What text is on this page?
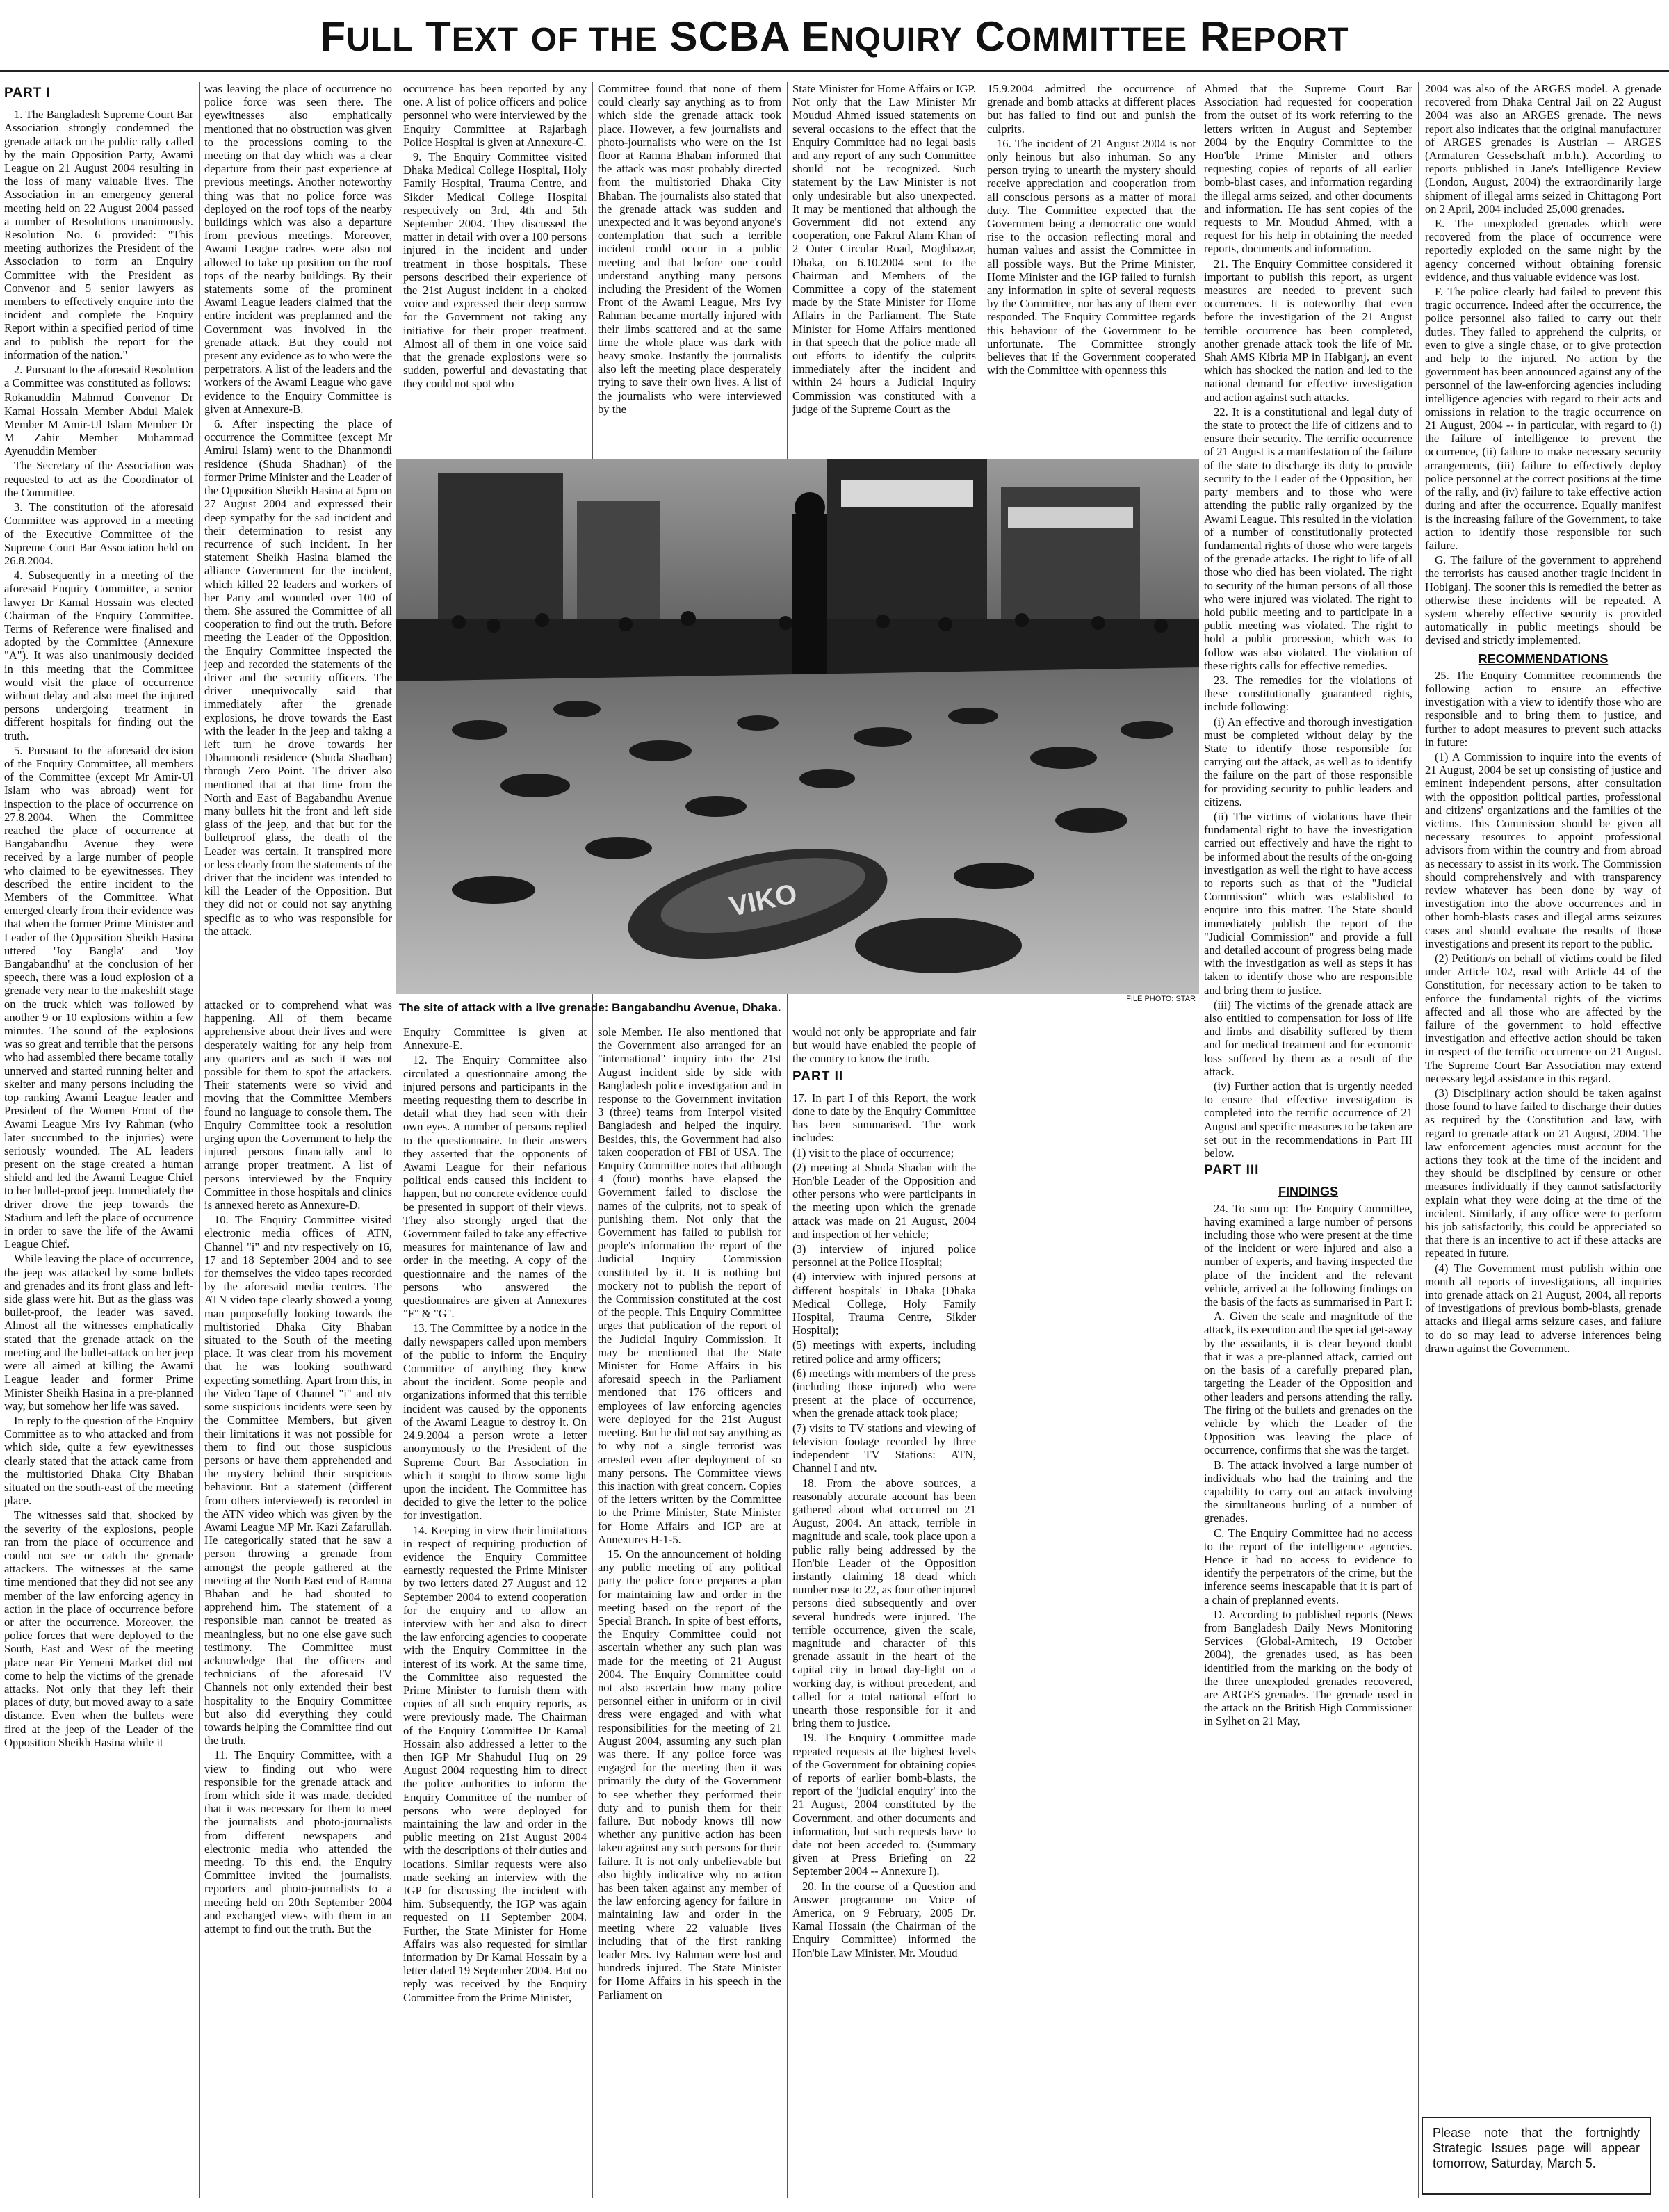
FULL TEXT OF THE SCBA ENQUIRY COMMITTEE REPORT

PART I

1. The Bangladesh Supreme Court Bar Association strongly condemned the grenade attack on the public rally called by the main Opposition Party, Awami League on 21 August 2004 resulting in the loss of many valuable lives. The Association in an emergency general meeting held on 22 August 2004 passed a number of Resolutions unanimously. Resolution No. 6 provided: "This meeting authorizes the President of the Association to form an Enquiry Committee with the President as Convenor and 5 senior lawyers as members to effectively enquire into the incident and complete the Enquiry Report within a specified period of time and to publish the report for the information of the nation."

2. Pursuant to the aforesaid Resolution a Committee was constituted as follows:

Rokanuddin Mahmud Convenor Dr Kamal Hossain Member Abdul Malek Member M Amir-Ul Islam Member Dr M Zahir Member Muhammad Ayenuddin Member

The Secretary of the Association was requested to act as the Coordinator of the Committee.

3. The constitution of the aforesaid Committee was approved in a meeting of the Executive Committee of the Supreme Court Bar Association held on 26.8.2004.

4. Subsequently in a meeting of the aforesaid Enquiry Committee, a senior lawyer Dr Kamal Hossain was elected Chairman of the Enquiry Committee. Terms of Reference were finalised and adopted by the Committee (Annexure "A"). It was also unanimously decided in this meeting that the Committee would visit the place of occurrence without delay and also meet the injured persons undergoing treatment in different hospitals for finding out the truth.

5. Pursuant to the aforesaid decision of the Enquiry Committee, all members of the Committee (except Mr Amir-Ul Islam who was abroad) went for inspection to the place of occurrence on 27.8.2004. When the Committee reached the place of occurrence at Bangabandhu Avenue they were received by a large number of people who claimed to be eyewitnesses. They described the entire incident to the Members of the Committee. What emerged clearly from their evidence was that when the former Prime Minister and Leader of the Opposition Sheikh Hasina uttered 'Joy Bangla' and 'Joy Bangabandhu' at the conclusion of her speech, there was a loud explosion of a grenade very near to the makeshift stage on the truck which was followed by another 9 or 10 explosions within a few minutes. The sound of the explosions was so great and terrible that the persons who had assembled there became totally unnerved and started running helter and skelter and many persons including the top ranking Awami League leader and President of the Women Front of the Awami League Mrs Ivy Rahman (who later succumbed to the injuries) were seriously wounded. The AL leaders present on the stage created a human shield and led the Awami League Chief to her bullet-proof jeep. Immediately the driver drove the jeep towards the Stadium and left the place of occurrence in order to save the life of the Awami League Chief.

While leaving the place of occurrence, the jeep was attacked by some bullets and grenades and its front glass and left-side glass were hit. But as the glass was bullet-proof, the leader was saved. Almost all the witnesses emphatically stated that the grenade attack on the meeting and the bullet-attack on her jeep were all aimed at killing the Awami League leader and former Prime Minister Sheikh Hasina in a pre-planned way, but somehow her life was saved.

In reply to the question of the Enquiry Committee as to who attacked and from which side, quite a few eyewitnesses clearly stated that the attack came from the multistoried Dhaka City Bhaban situated on the south-east of the meeting place.

The witnesses said that, shocked by the severity of the explosions, people ran from the place of occurrence and could not see or catch the grenade attackers. The witnesses at the same time mentioned that they did not see any member of the law enforcing agency in action in the place of occurrence before or after the occurrence. Moreover, the police forces that were deployed to the South, East and West of the meeting place near Pir Yemeni Market did not come to help the victims of the grenade attacks. Not only that they left their places of duty, but moved away to a safe distance. Even when the bullets were fired at the jeep of the Leader of the Opposition Sheikh Hasina while it

was leaving the place of occurrence no police force was seen there. The eyewitnesses also emphatically mentioned that no obstruction was given to the processions coming to the meeting on that day which was a clear departure from their past experience at previous meetings. Another noteworthy thing was that no police force was deployed on the roof tops of the nearby buildings which was also a departure from previous meetings. Moreover, Awami League cadres were also not allowed to take up position on the roof tops of the nearby buildings. By their statements some of the prominent Awami League leaders claimed that the entire incident was preplanned and the Government was involved in the grenade attack. But they could not present any evidence as to who were the perpetrators. A list of the leaders and the workers of the Awami League who gave evidence to the Enquiry Committee is given at Annexure-B.

6. After inspecting the place of occurrence the Committee (except Mr Amirul Islam) went to the Dhanmondi residence (Shuda Shadhan) of the former Prime Minister and the Leader of the Opposition Sheikh Hasina at 5pm on 27 August 2004 and expressed their deep sympathy for the sad incident and their determination to resist any recurrence of such incident. In her statement Sheikh Hasina blamed the alliance Government for the incident, which killed 22 leaders and workers of her Party and wounded over 100 of them. She assured the Committee of all cooperation to find out the truth. Before meeting the Leader of the Opposition, the Enquiry Committee inspected the jeep and recorded the statements of the driver and the security officers. The driver unequivocally said that immediately after the grenade explosions, he drove towards the East with the leader in the jeep and taking a left turn he drove towards her Dhanmondi residence (Shuda Shadhan) through Zero Point. The driver also mentioned that at that time from the North and East of Bagabandhu Avenue many bullets hit the front and left side glass of the jeep, and that but for the bulletproof glass, the death of the Leader was certain. It transpired more or less clearly from the statements of the driver that the incident was intended to kill the Leader of the Opposition. But they did not or could not say anything specific as to who was responsible for the attack.

attacked or to comprehend what was happening. All of them became apprehensive about their lives and were desperately waiting for any help from any quarters and as such it was not possible for them to spot the attackers. Their statements were so vivid and moving that the Committee Members found no language to console them. The Enquiry Committee took a resolution urging upon the Government to help the injured persons financially and to arrange proper treatment. A list of persons interviewed by the Enquiry Committee in those hospitals and clinics is annexed hereto as Annexure-D.

10. The Enquiry Committee visited electronic media offices of ATN, Channel "i" and ntv respectively on 16, 17 and 18 September 2004 and to see for themselves the video tapes recorded by the aforesaid media centres. The ATN video tape clearly showed a young man purposefully looking towards the multistoried Dhaka City Bhaban situated to the South of the meeting place. It was clear from his movement that he was looking southward expecting something. Apart from this, in the Video Tape of Channel "i" and ntv some suspicious incidents were seen by the Committee Members, but given their limitations it was not possible for them to find out those suspicious persons or have them apprehended and the mystery behind their suspicious behaviour. But a statement (different from others interviewed) is recorded in the ATN video which was given by the Awami League MP Mr. Kazi Zafarullah. He categorically stated that he saw a person throwing a grenade from amongst the people gathered at the meeting at the North East end of Ramna Bhaban and he had shouted to apprehend him. The statement of a responsible man cannot be treated as meaningless, but no one else gave such testimony. The Committee must acknowledge that the officers and technicians of the aforesaid TV Channels not only extended their best hospitality to the Enquiry Committee but also did everything they could towards helping the Committee find out the truth.

11. The Enquiry Committee, with a view to finding out who were responsible for the grenade attack and from which side it was made, decided that it was necessary for them to meet the journalists and photo-journalists from different newspapers and electronic media who attended the meeting. To this end, the Enquiry Committee invited the journalists, reporters and photo-journalists to a meeting held on 20th September 2004 and exchanged views with them in an attempt to find out the truth. But the

occurrence has been reported by any one. A list of police officers and police personnel who were interviewed by the Enquiry Committee at Rajarbagh Police Hospital is given at Annexure-C.

9. The Enquiry Committee visited Dhaka Medical College Hospital, Holy Family Hospital, Trauma Centre, and Sikder Medical College Hospital respectively on 3rd, 4th and 5th September 2004. They discussed the matter in detail with over a 100 persons injured in the incident and under treatment in those hospitals. These persons described their experience of the 21st August incident in a choked voice and expressed their deep sorrow for the Government not taking any initiative for their proper treatment. Almost all of them in one voice said that the grenade explosions were so sudden, powerful and devastating that they could not spot who

Enquiry Committee is given at Annexure-E.

12. The Enquiry Committee also circulated a questionnaire among the injured persons and participants in the meeting requesting them to describe in detail what they had seen with their own eyes. A number of persons replied to the questionnaire. In their answers they asserted that the opponents of Awami League for their nefarious political ends caused this incident to happen, but no concrete evidence could be presented in support of their views. They also strongly urged that the Government failed to take any effective measures for maintenance of law and order in the meeting. A copy of the questionnaire and the names of the persons who answered the questionnaires are given at Annexures "F" & "G".

13. The Committee by a notice in the daily newspapers called upon members of the public to inform the Enquiry Committee of anything they knew about the incident. Some people and organizations informed that this terrible incident was caused by the opponents of the Awami League to destroy it. On 24.9.2004 a person wrote a letter anonymously to the President of the Supreme Court Bar Association in which it sought to throw some light upon the incident. The Committee has decided to give the letter to the police for investigation.

14. Keeping in view their limitations in respect of requiring production of evidence the Enquiry Committee earnestly requested the Prime Minister by two letters dated 27 August and 12 September 2004 to extend cooperation for the enquiry and to allow an interview with her and also to direct the law enforcing agencies to cooperate with the Enquiry Committee in the interest of its work. At the same time, the Committee also requested the Prime Minister to furnish them with copies of all such enquiry reports, as were previously made. The Chairman of the Enquiry Committee Dr Kamal Hossain also addressed a letter to the then IGP Mr Shahudul Huq on 29 August 2004 requesting him to direct the police authorities to inform the Enquiry Committee of the number of persons who were deployed for maintaining the law and order in the public meeting on 21st August 2004 with the descriptions of their duties and locations. Similar requests were also made seeking an interview with the IGP for discussing the incident with him. Subsequently, the IGP was again requested on 11 September 2004. Further, the State Minister for Home Affairs was also requested for similar information by Dr Kamal Hossain by a letter dated 19 September 2004. But no reply was received by the Enquiry Committee from the Prime Minister,

Committee found that none of them could clearly say anything as to from which side the grenade attack took place. However, a few journalists and photo-journalists who were on the 1st floor at Ramna Bhaban informed that the attack was most probably directed from the multistoried Dhaka City Bhaban. The journalists also stated that the grenade attack was sudden and unexpected and it was beyond anyone's contemplation that such a terrible incident could occur in a public meeting and that before one could understand anything many persons including the President of the Women Front of the Awami League, Mrs Ivy Rahman became mortally injured with their limbs scattered and at the same time the whole place was dark with heavy smoke. Instantly the journalists also left the meeting place desperately trying to save their own lives. A list of the journalists who were interviewed by the

sole Member. He also mentioned that the Government also arranged for an "international" inquiry into the 21st August incident side by side with Bangladesh police investigation and in response to the Government invitation 3 (three) teams from Interpol visited Bangladesh and helped the inquiry. Besides, this, the Government had also taken cooperation of FBI of USA. The Enquiry Committee notes that although 4 (four) months have elapsed the Government failed to disclose the names of the culprits, not to speak of punishing them. Not only that the Government has failed to publish for people's information the report of the Judicial Inquiry Commission constituted by it. It is nothing but mockery not to publish the report of the Commission constituted at the cost of the people. This Enquiry Committee urges that publication of the report of the Judicial Inquiry Commission. It may be mentioned that the State Minister for Home Affairs in his aforesaid speech in the Parliament mentioned that 176 officers and employees of law enforcing agencies were deployed for the 21st August meeting. But he did not say anything as to why not a single terrorist was arrested even after deployment of so many persons. The Committee views this inaction with great concern. Copies of the letters written by the Committee to the Prime Minister, State Minister for Home Affairs and IGP are at Annexures H-1-5.

15. On the announcement of holding any public meeting of any political party the police force prepares a plan for maintaining law and order in the meeting based on the report of the Special Branch. In spite of best efforts, the Enquiry Committee could not ascertain whether any such plan was made for the meeting of 21 August 2004. The Enquiry Committee could not also ascertain how many police personnel either in uniform or in civil dress were engaged and with what responsibilities for the meeting of 21 August 2004, assuming any such plan was there. If any police force was engaged for the meeting then it was primarily the duty of the Government to see whether they performed their duty and to punish them for their failure. But nobody knows till now whether any punitive action has been taken against any such persons for their failure. It is not only unbelievable but also highly indicative why no action has been taken against any member of the law enforcing agency for failure in maintaining law and order in the meeting where 22 valuable lives including that of the first ranking leader Mrs. Ivy Rahman were lost and hundreds injured. The State Minister for Home Affairs in his speech in the Parliament on

State Minister for Home Affairs or IGP. Not only that the Law Minister Mr Moudud Ahmed issued statements on several occasions to the effect that the Enquiry Committee had no legal basis and any report of any such Committee should not be recognized. Such statement by the Law Minister is not only undesirable but also unexpected. It may be mentioned that although the Government did not extend any cooperation, one Fakrul Alam Khan of 2 Outer Circular Road, Moghbazar, Dhaka, on 6.10.2004 sent to the Chairman and Members of the Committee a copy of the statement made by the State Minister for Home Affairs in the Parliament. The State Minister for Home Affairs mentioned in that speech that the police made all out efforts to identify the culprits immediately after the incident and within 24 hours a Judicial Inquiry Commission was constituted with a judge of the Supreme Court as the

would not only be appropriate and fair but would have enabled the people of the country to know the truth.

PART II

17. In part I of this Report, the work done to date by the Enquiry Committee has been summarised. The work includes:

(1) visit to the place of occurrence;

(2) meeting at Shuda Shadan with the Hon'ble Leader of the Opposition and other persons who were participants in the meeting upon which the grenade attack was made on 21 August, 2004 and inspection of her vehicle;

(3) interview of injured police personnel at the Police Hospital;

(4) interview with injured persons at different hospitals' in Dhaka (Dhaka Medical College, Holy Family Hospital, Trauma Centre, Sikder Hospital);

(5) meetings with experts, including retired police and army officers;

(6) meetings with members of the press (including those injured) who were present at the place of occurrence, when the grenade attack took place;

(7) visits to TV stations and viewing of television footage recorded by three independent TV Stations: ATN, Channel I and ntv.

18. From the above sources, a reasonably accurate account has been gathered about what occurred on 21 August, 2004. An attack, terrible in magnitude and scale, took place upon a public rally being addressed by the Hon'ble Leader of the Opposition instantly claiming 18 dead which number rose to 22, as four other injured persons died subsequently and over several hundreds were injured. The terrible occurrence, given the scale, magnitude and character of this grenade assault in the heart of the capital city in broad day-light on a working day, is without precedent, and called for a total national effort to unearth those responsible for it and bring them to justice.

19. The Enquiry Committee made repeated requests at the highest levels of the Government for obtaining copies of reports of earlier bomb-blasts, the report of the 'judicial enquiry' into the 21 August, 2004 constituted by the Government, and other documents and information, but such requests have to date not been acceded to. (Summary given at Press Briefing on 22 September 2004 -- Annexure I).

20. In the course of a Question and Answer programme on Voice of America, on 9 February, 2005 Dr. Kamal Hossain (the Chairman of the Enquiry Committee) informed the Hon'ble Law Minister, Mr. Moudud

15.9.2004 admitted the occurrence of grenade and bomb attacks at different places but has failed to find out and punish the culprits.

16. The incident of 21 August 2004 is not only heinous but also inhuman. So any person trying to unearth the mystery should receive appreciation and cooperation from all conscious persons as a matter of moral duty. The Committee expected that the Government being a democratic one would rise to the occasion reflecting moral and human values and assist the Committee in all possible ways. But the Prime Minister, Home Minister and the IGP failed to furnish any information in spite of several requests by the Committee, nor has any of them ever responded. The Enquiry Committee regards this behaviour of the Government to be unfortunate. The Committee strongly believes that if the Government cooperated with the Committee with openness this

Ahmed that the Supreme Court Bar Association had requested for cooperation from the outset of its work referring to the letters written in August and September 2004 by the Enquiry Committee to the Hon'ble Prime Minister and others requesting copies of reports of all earlier bomb-blast cases, and information regarding the illegal arms seized, and other documents and information. He has sent copies of the requests to Mr. Moudud Ahmed, with a request for his help in obtaining the needed reports, documents and information.

21. The Enquiry Committee considered it important to publish this report, as urgent measures are needed to prevent such occurrences. It is noteworthy that even before the investigation of the 21 August terrible occurrence has been completed, another grenade attack took the life of Mr. Shah AMS Kibria MP in Habiganj, an event which has shocked the nation and led to the national demand for effective investigation and action against such attacks.

22. It is a constitutional and legal duty of the state to protect the life of citizens and to ensure their security. The terrific occurrence of 21 August is a manifestation of the failure of the state to discharge its duty to provide security to the Leader of the Opposition, her party members and to those who were attending the public rally organized by the Awami League. This resulted in the violation of a number of constitutionally protected fundamental rights of those who were targets of the grenade attacks. The right to life of all those who died has been violated. The right to security of the human persons of all those who were injured was violated. The right to hold public meeting and to participate in a public meeting was violated. The right to hold a public procession, which was to follow was also violated. The violation of these rights calls for effective remedies.

23. The remedies for the violations of these constitutionally guaranteed rights, include following:

(i) An effective and thorough investigation must be completed without delay by the State to identify those responsible for carrying out the attack, as well as to identify the failure on the part of those responsible for providing security to public leaders and citizens.

(ii) The victims of violations have their fundamental right to have the investigation carried out effectively and have the right to be informed about the results of the on-going investigation as well the right to have access to reports such as that of the "Judicial Commission" which was established to enquire into this matter. The State should immediately publish the report of the "Judicial Commission" and provide a full and detailed account of progress being made with the investigation as well as steps it has taken to identify those who are responsible and bring them to justice.

(iii) The victims of the grenade attack are also entitled to compensation for loss of life and limbs and disability suffered by them and for medical treatment and for economic loss suffered by them as a result of the attack.

(iv) Further action that is urgently needed to ensure that effective investigation is completed into the terrific occurrence of 21 August and specific measures to be taken are set out in the recommendations in Part III below.

PART III

FINDINGS

24. To sum up: The Enquiry Committee, having examined a large number of persons including those who were present at the time of the incident or were injured and also a number of experts, and having inspected the place of the incident and the relevant vehicle, arrived at the following findings on the basis of the facts as summarised in Part I:

A. Given the scale and magnitude of the attack, its execution and the special get-away by the assailants, it is clear beyond doubt that it was a pre-planned attack, carried out on the basis of a carefully prepared plan, targeting the Leader of the Opposition and other leaders and persons attending the rally. The firing of the bullets and grenades on the vehicle by which the Leader of the Opposition was leaving the place of occurrence, confirms that she was the target.

B. The attack involved a large number of individuals who had the training and the capability to carry out an attack involving the simultaneous hurling of a number of grenades.

C. The Enquiry Committee had no access to the report of the intelligence agencies. Hence it had no access to evidence to identify the perpetrators of the crime, but the inference seems inescapable that it is part of a chain of preplanned events.

D. According to published reports (News from Bangladesh Daily News Monitoring Services (Global-Amitech, 19 October 2004), the grenades used, as has been identified from the marking on the body of the three unexploded grenades recovered, are ARGES grenades. The grenade used in the attack on the British High Commissioner in Sylhet on 21 May,

2004 was also of the ARGES model. A grenade recovered from Dhaka Central Jail on 22 August 2004 was also an ARGES grenade. The news report also indicates that the original manufacturer of ARGES grenades is Austrian -- ARGES (Armaturen Gesselschaft m.b.h.). According to reports published in Jane's Intelligence Review (London, August, 2004) the extraordinarily large shipment of illegal arms seized in Chittagong Port on 2 April, 2004 included 25,000 grenades.

E. The unexploded grenades which were recovered from the place of occurrence were reportedly exploded on the same night by the agency concerned without obtaining forensic evidence, and thus valuable evidence was lost.

F. The police clearly had failed to prevent this tragic occurrence. Indeed after the occurrence, the police personnel also failed to carry out their duties. They failed to apprehend the culprits, or even to give a single chase, or to give protection and help to the injured. No action by the government has been announced against any of the personnel of the law-enforcing agencies including intelligence agencies with regard to their acts and omissions in relation to the tragic occurrence on 21 August, 2004 -- in particular, with regard to (i) the failure of intelligence to prevent the occurrence, (ii) failure to make necessary security arrangements, (iii) failure to effectively deploy police personnel at the correct positions at the time of the rally, and (iv) failure to take effective action during and after the occurrence. Equally manifest is the increasing failure of the Government, to take action to identify those responsible for such failure.

G. The failure of the government to apprehend the terrorists has caused another tragic incident in Hobiganj. The sooner this is remedied the better as otherwise these incidents will be repeated. A system whereby effective security is provided automatically in public meetings should be devised and strictly implemented.

RECOMMENDATIONS

25. The Enquiry Committee recommends the following action to ensure an effective investigation with a view to identify those who are responsible and to bring them to justice, and further to adopt measures to prevent such attacks in future:

(1) A Commission to inquire into the events of 21 August, 2004 be set up consisting of justice and eminent independent persons, after consultation with the opposition political parties, professional and citizens' organizations and the families of the victims. This Commission should be given all necessary resources to appoint professional advisors from within the country and from abroad as necessary to assist in its work. The Commission should comprehensively and with transparency review whatever has been done by way of investigation into the above occurrences and in other bomb-blasts cases and illegal arms seizures cases and should evaluate the results of those investigations and present its report to the public.

(2) Petition/s on behalf of victims could be filed under Article 102, read with Article 44 of the Constitution, for necessary action to be taken to enforce the fundamental rights of the victims affected and all those who are affected by the failure of the government to hold effective investigation and effective action should be taken in respect of the terrific occurrence on 21 August. The Supreme Court Bar Association may extend necessary legal assistance in this regard.

(3) Disciplinary action should be taken against those found to have failed to discharge their duties as required by the Constitution and law, with regard to grenade attack on 21 August, 2004. The law enforcement agencies must account for the actions they took at the time of the incident and they should be disciplined by censure or other measures individually if they cannot satisfactorily explain what they were doing at the time of the incident. Similarly, if any office were to perform his job satisfactorily, this could be appreciated so that there is an incentive to act if these attacks are repeated in future.

(4) The Government must publish within one month all reports of investigations, all inquiries into grenade attack on 21 August, 2004, all reports of investigations of previous bomb-blasts, grenade attacks and illegal arms seizure cases, and failure to do so may lead to adverse inferences being drawn against the Government.

VIKO
The site of attack with a live grenade: Bangabandhu Avenue, Dhaka.
FILE PHOTO: STAR
Please note that the fortnightly Strategic Issues page will appear tomorrow, Saturday, March 5.
